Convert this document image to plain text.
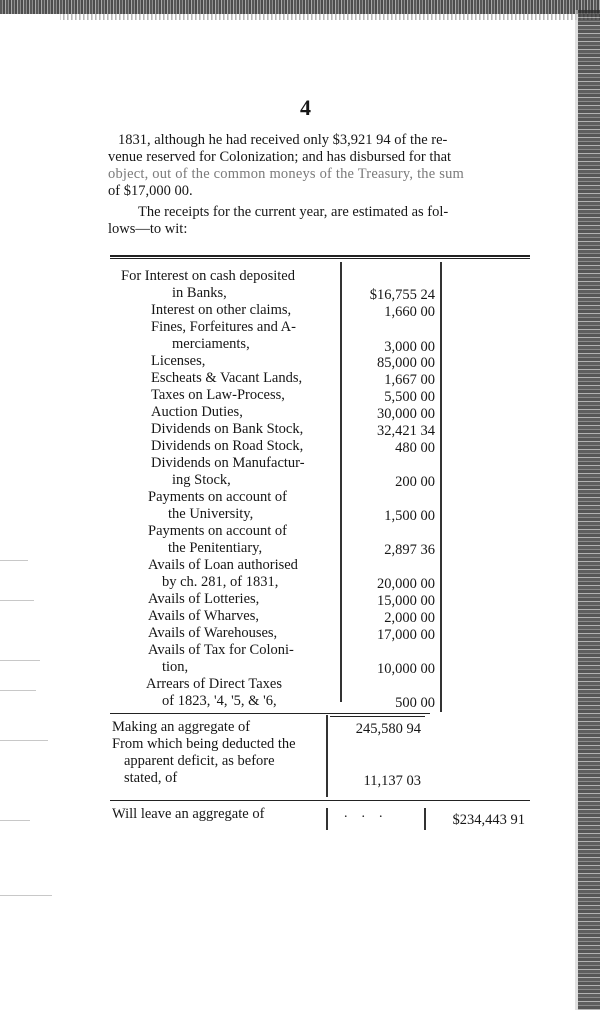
4
1831, although he had received only $3,921 94 of the re-
venue reserved for Colonization; and has disbursed for that
object, out of the common moneys of the Treasury, the sum
of $17,000 00.
The receipts for the current year, are estimated as fol-
lows—to wit:
For Interest on cash deposited
in Banks,	$16,755 24
Interest on other claims,	1,660 00
Fines, Forfeitures and A-
merciaments,	3,000 00
Licenses,	85,000 00
Escheats & Vacant Lands,	1,667 00
Taxes on Law-Process,	5,500 00
Auction Duties,	30,000 00
Dividends on Bank Stock,	32,421 34
Dividends on Road Stock,	480 00
Dividends on Manufactur-
ing Stock,	200 00
Payments on account of
the University,	1,500 00
Payments on account of
the Penitentiary,	2,897 36
Avails of Loan authorised
by ch. 281, of 1831,	20,000 00
Avails of Lotteries,	15,000 00
Avails of Wharves,	2,000 00
Avails of Warehouses,	17,000 00
Avails of Tax for Coloni-
tion,	10,000 00
Arrears of Direct Taxes
of 1823, '4, '5, & '6,	500 00
Making an aggregate of	245,580 94
From which being deducted the
apparent deficit, as before
stated, of	11,137 03
Will leave an aggregate of	...	$234,443 91
